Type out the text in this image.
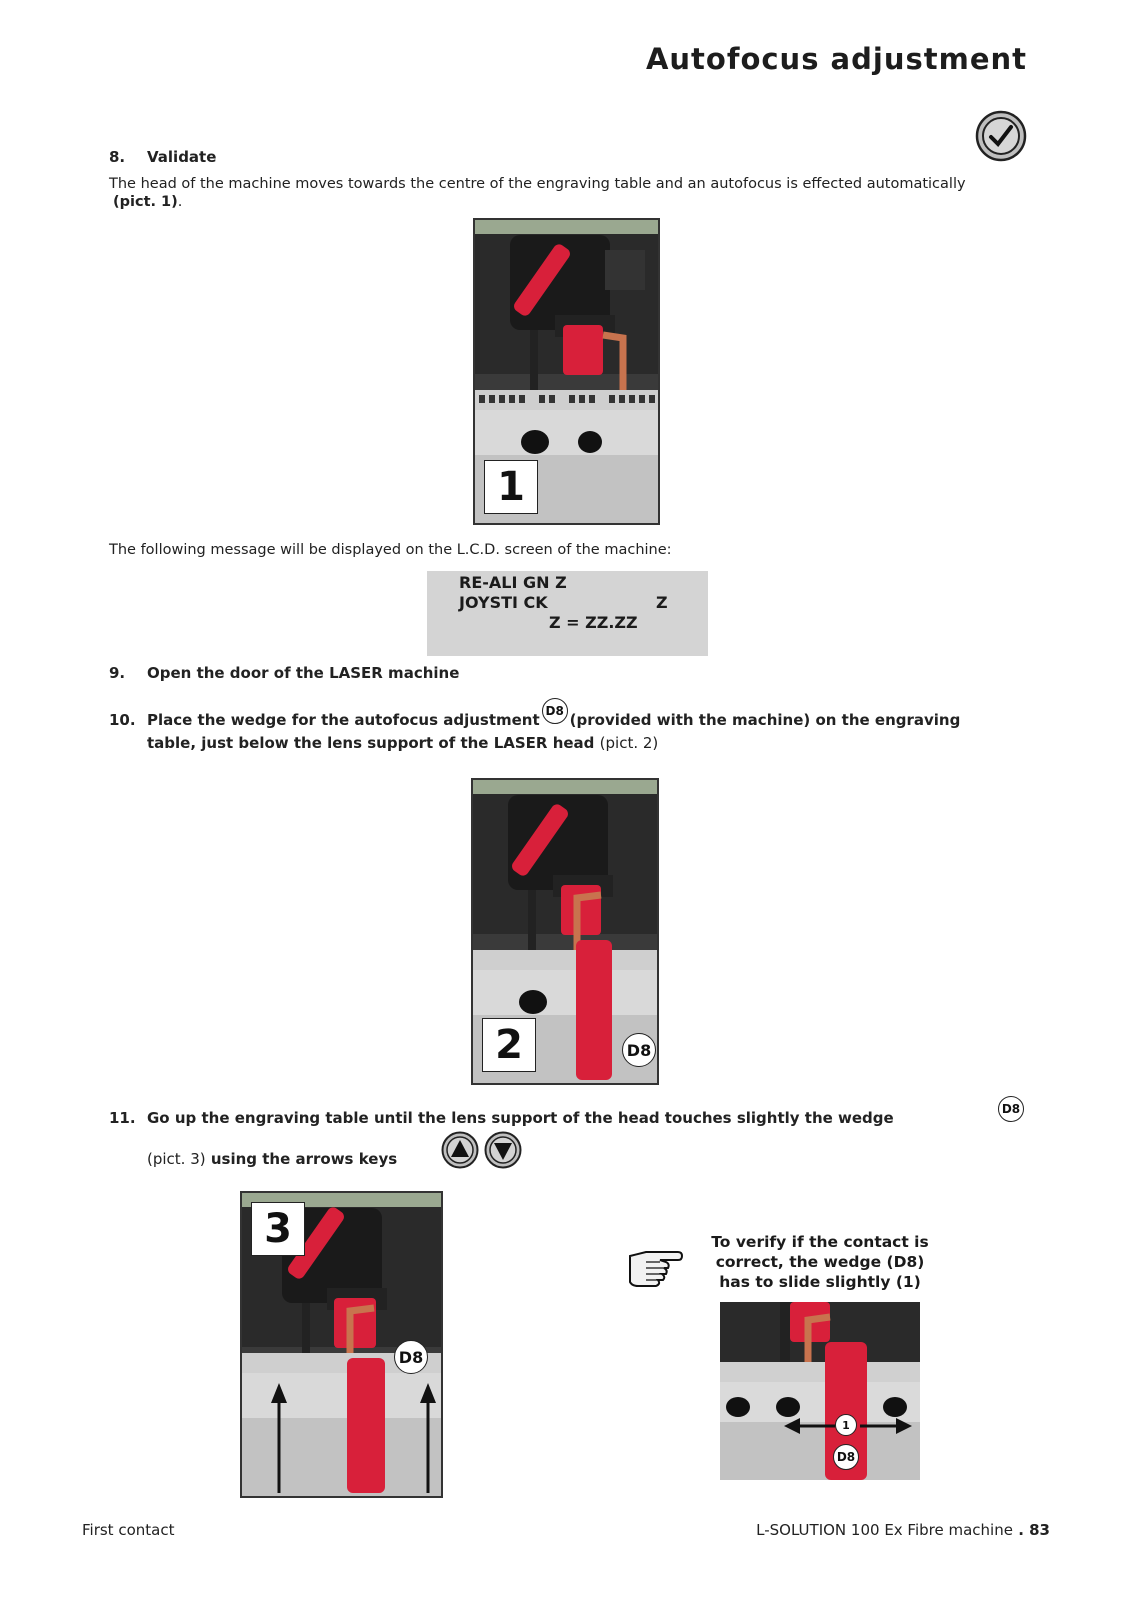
Autofocus adjustment
8. Validate
The head of the machine moves towards the centre of the engraving table and an autofocus is effected automatically
(pict. 1).
1
The following message will be displayed on the L.C.D. screen of the machine:
RE-ALI GN Z
JOYSTI CK	Z
Z = ZZ.ZZ
9. Open the door of the LASER machine
10. Place the wedge for the autofocus adjustment D8 (provided with the machine) on the engraving
table, just below the lens support of the LASER head (pict. 2)
2	D8
11. Go up the engraving table until the lens support of the head touches slightly the wedge	D8
(pict. 3) using the arrows keys
3
D8
To verify if the contact is
correct, the wedge (D8)
has to slide slightly (1)
1
D8
First contact	L-SOLUTION 100 Ex Fibre machine . 83
